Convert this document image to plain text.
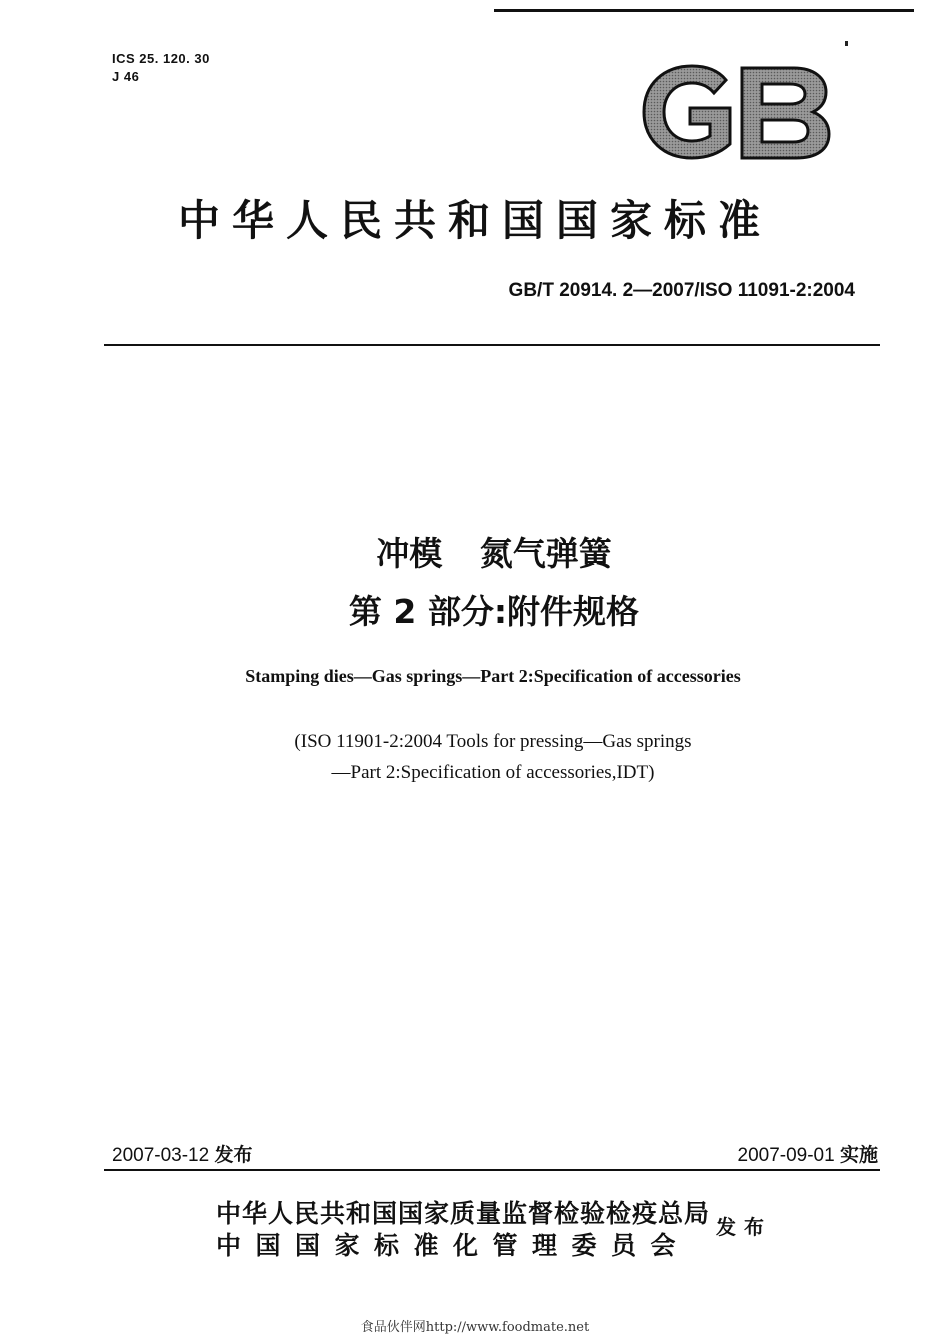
ICS 25. 120. 30
J 46
中华人民共和国国家标准
GB/T 20914. 2—2007/ISO 11091-2:2004
冲模 氮气弹簧
第 2 部分:附件规格
Stamping dies—Gas springs—Part 2:Specification of accessories
(ISO 11901-2:2004 Tools for pressing—Gas springs
—Part 2:Specification of accessories,IDT)
2007-03-12 发布	2007-09-01 实施
中华人民共和国国家质量监督检验检疫总局
中国国家标准化管理委员会
发布
食品伙伴网http://www.foodmate.net
